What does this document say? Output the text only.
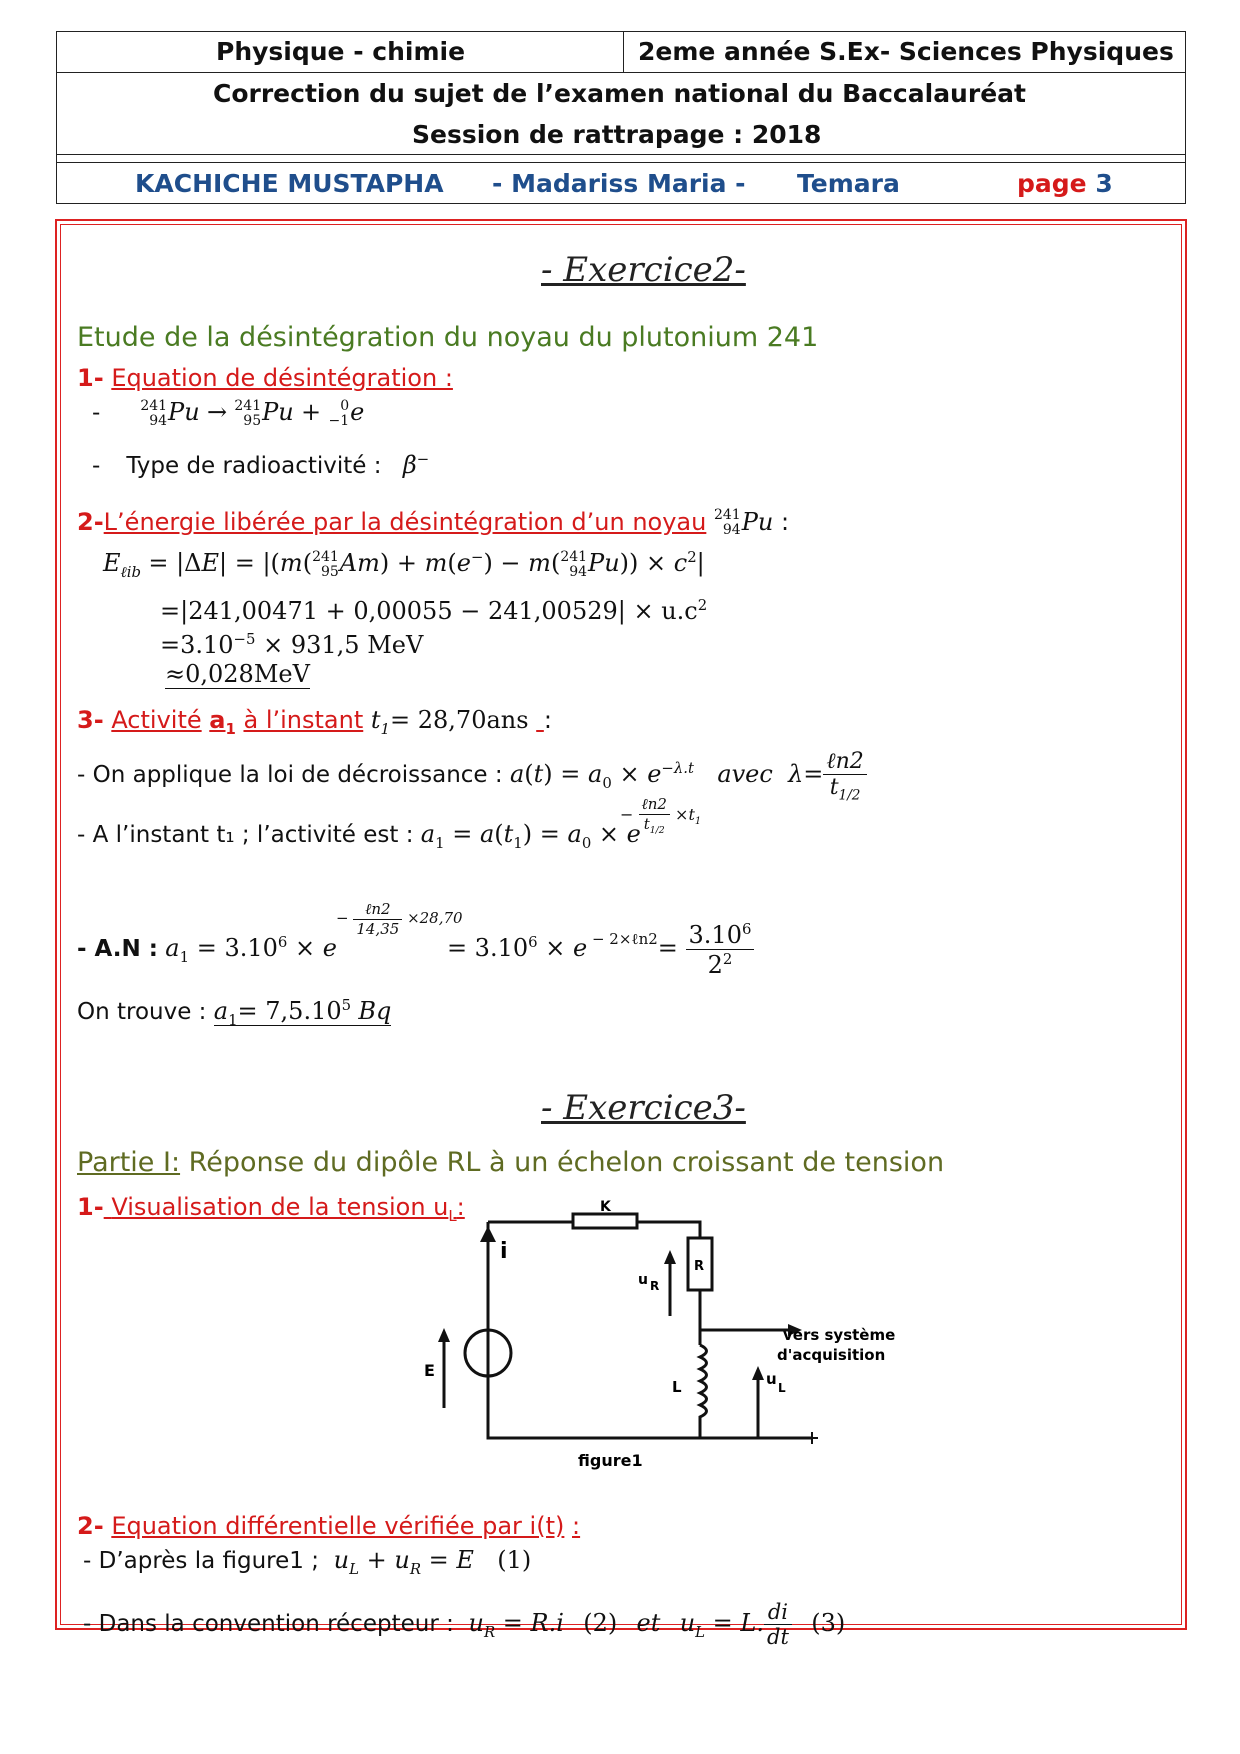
Physique - chimie	2eme année S.Ex- Sciences Physiques
Correction du sujet de l’examen national du Baccalauréat
Session de rattrapage : 2018
KACHICHE MUSTAPHA - Madariss Maria - Temara	page 3
- Exercice2-
Etude de la désintégration du noyau du plutonium 241
1- Equation de désintégration :
-	241
94Pu → 241
95Pu + 0
−1e
- Type de radioactivité : β−
2-L’énergie libérée par la désintégration d’un noyau 241
94Pu :
$E_{\ell ib} = |\Delta E| = |(m(241$
95Am) + m(e−) − m(241
$94Pu)) \times c^2|$
$=|241,00471 + 0,00055 - 241,00529| \times u.c^2$
$=3.10^{-5} \times 931,5$ MeV
≈0,028MeV
3- Activité $a_1$ à l’instant $t_1= 28,70ans$ :
- On applique la loi de décroissance : $a(t) = a_0 \times e^{-\lambda.t}$ avec  $\lambda= \frac{\text{ℓn2}}{t_{1/2}}$
- A l’instant t₁ ; l’activité est : $a_1 = a(t_1) = a_0 \times e$
− $\frac{\text{ℓn2}}{t_{1/2}} \times t_1$
- A.N : $a_1 = 3.10^6 \times e$	= $3.10^6 \times e$ $^{- 2\times\ell n2}= \frac{3.10^6}{2^2}$
− $\frac{\text{ℓn2}}{14,35} \times 28,70$
On trouve : $a_1= 7,5.10^5$ Bq
- Exercice3-
Partie I: Réponse du dipôle RL à un échelon croissant de tension
1- Visualisation de la tension $u_L$:	K
i
E
u R
R
L	u L
vers système
d'acquisition
figure1
2- Equation différentielle vérifiée par i(t) :
- D’après la figure1 ; $u_L + u_R = E$ (1)
- Dans la convention récepteur : $u_R = R.i$ (2) et $u_L = L$. $\frac{di}{dt} (3)$
